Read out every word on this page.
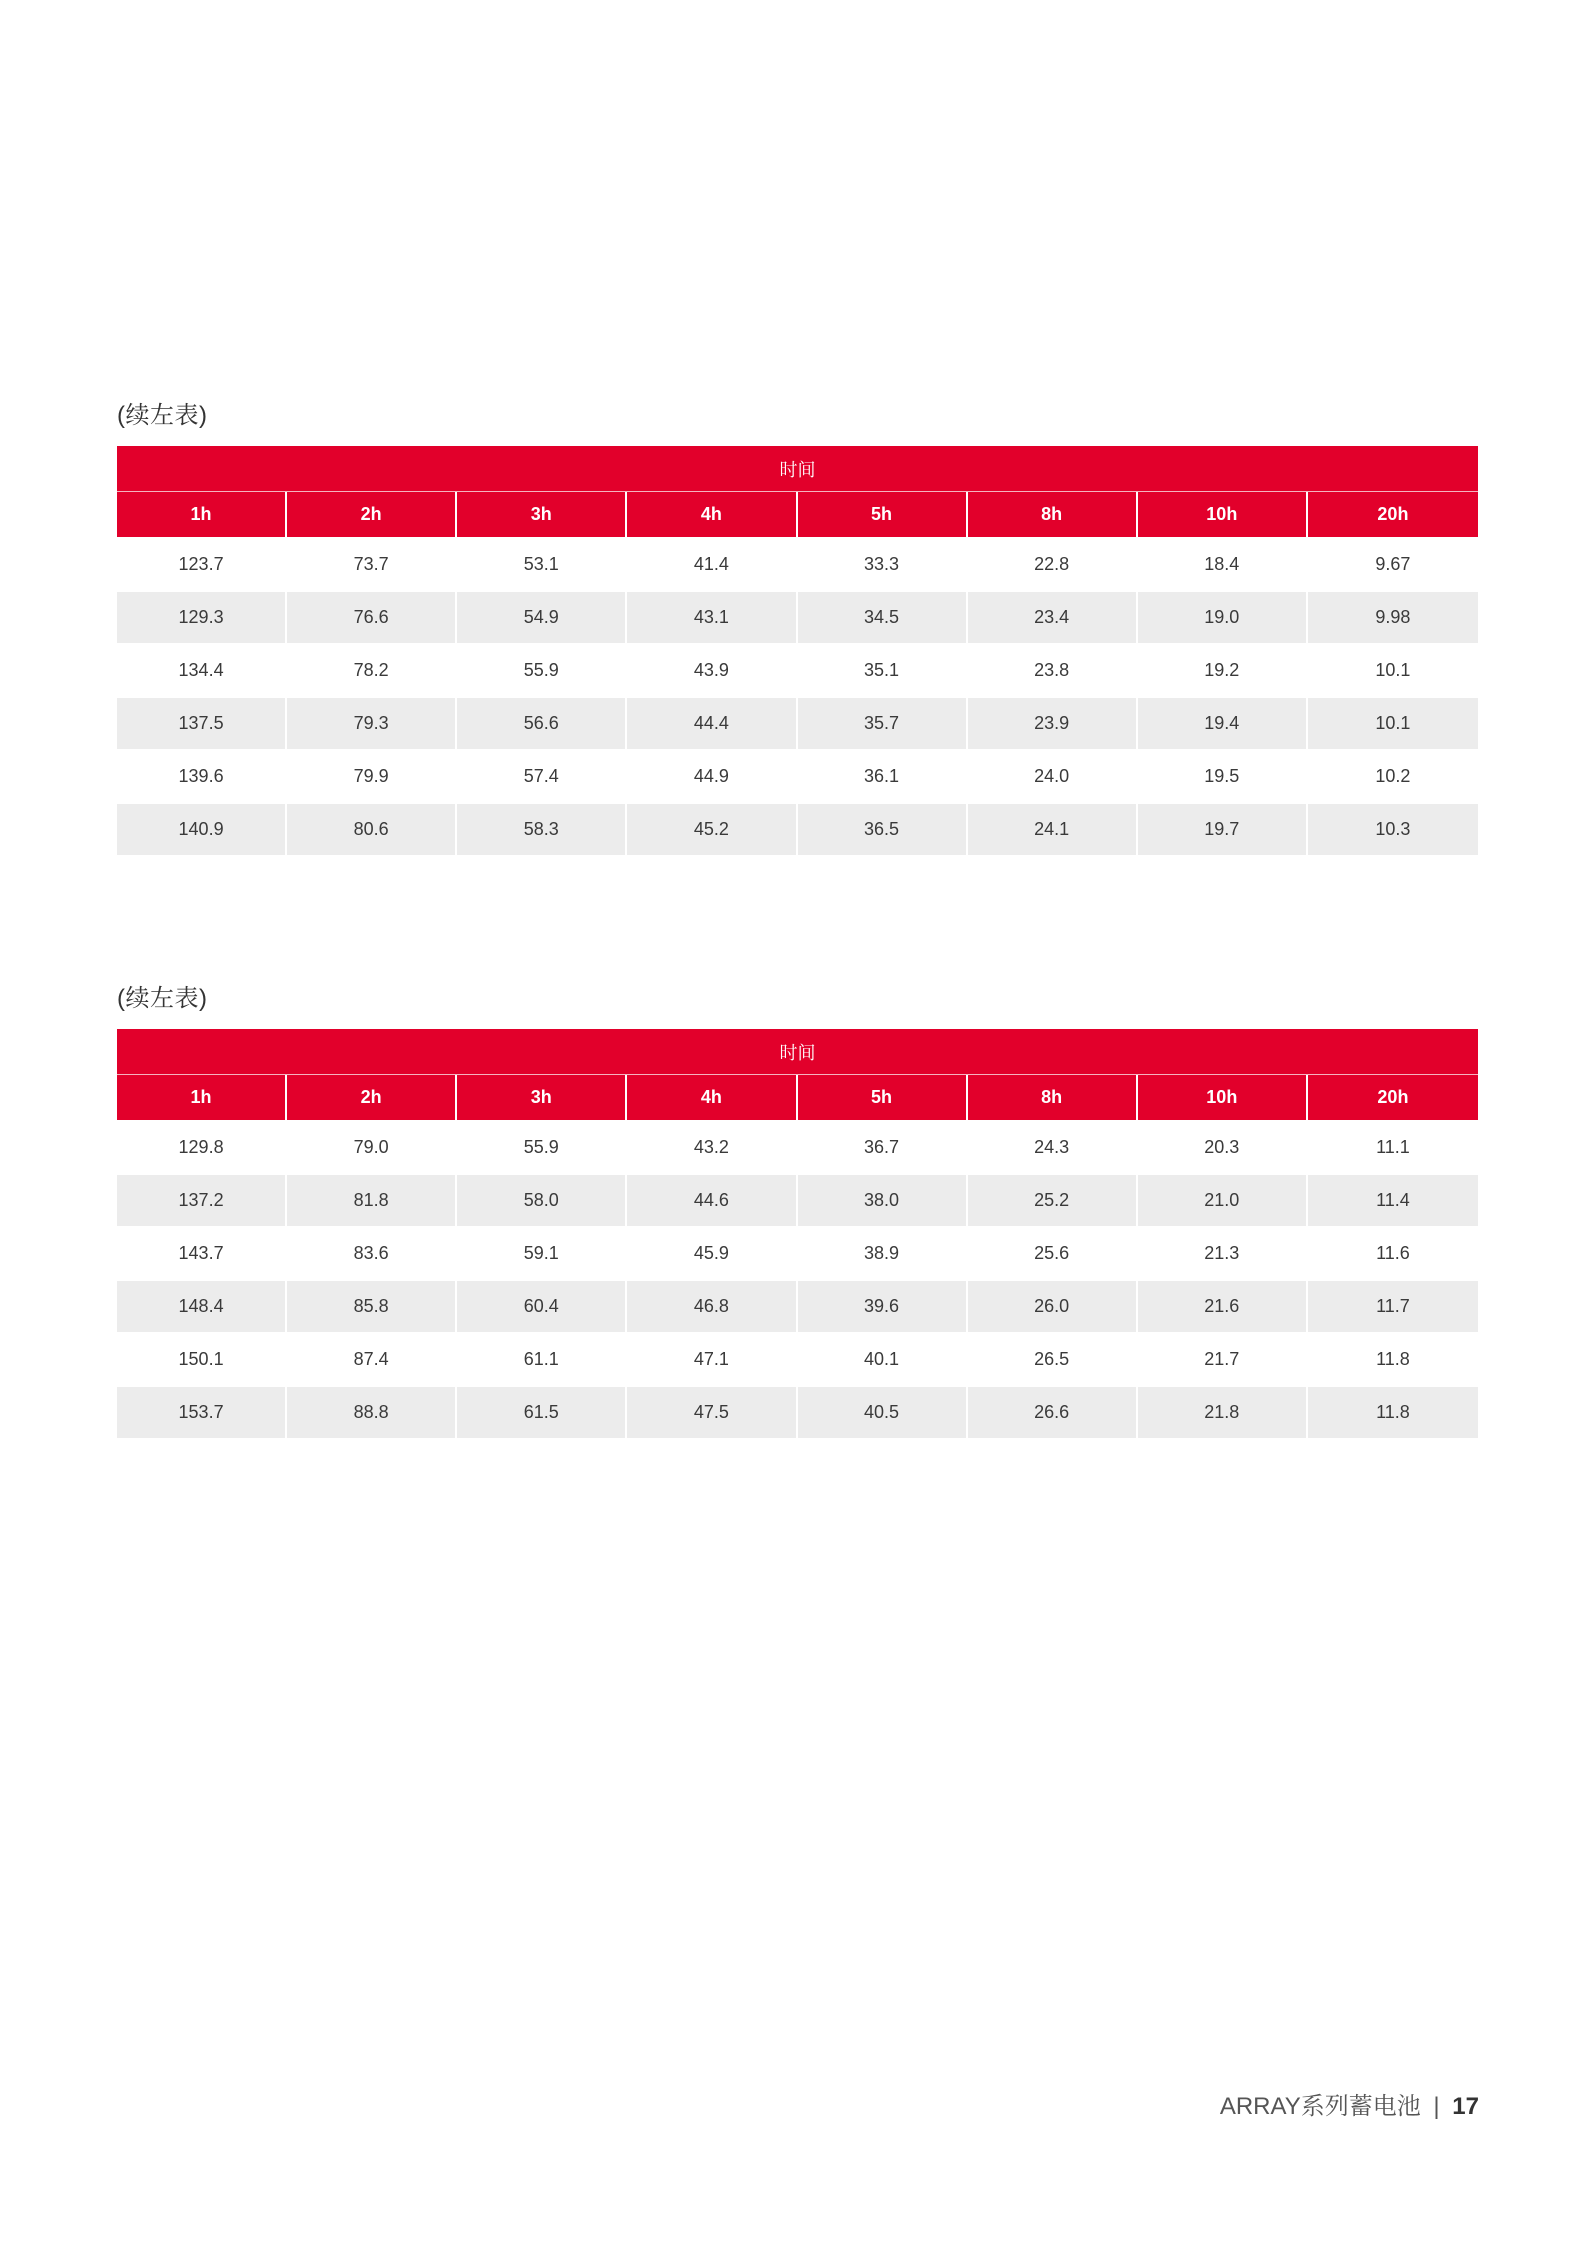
(续左表)
时间							
1h	2h	3h	4h	5h	8h	10h	20h
123.7	73.7	53.1	41.4	33.3	22.8	18.4	9.67
129.3	76.6	54.9	43.1	34.5	23.4	19.0	9.98
134.4	78.2	55.9	43.9	35.1	23.8	19.2	10.1
137.5	79.3	56.6	44.4	35.7	23.9	19.4	10.1
139.6	79.9	57.4	44.9	36.1	24.0	19.5	10.2
140.9	80.6	58.3	45.2	36.5	24.1	19.7	10.3
(续左表)
时间							
1h	2h	3h	4h	5h	8h	10h	20h
129.8	79.0	55.9	43.2	36.7	24.3	20.3	11.1
137.2	81.8	58.0	44.6	38.0	25.2	21.0	11.4
143.7	83.6	59.1	45.9	38.9	25.6	21.3	11.6
148.4	85.8	60.4	46.8	39.6	26.0	21.6	11.7
150.1	87.4	61.1	47.1	40.1	26.5	21.7	11.8
153.7	88.8	61.5	47.5	40.5	26.6	21.8	11.8
ARRAY系列蓄电池 | 17
